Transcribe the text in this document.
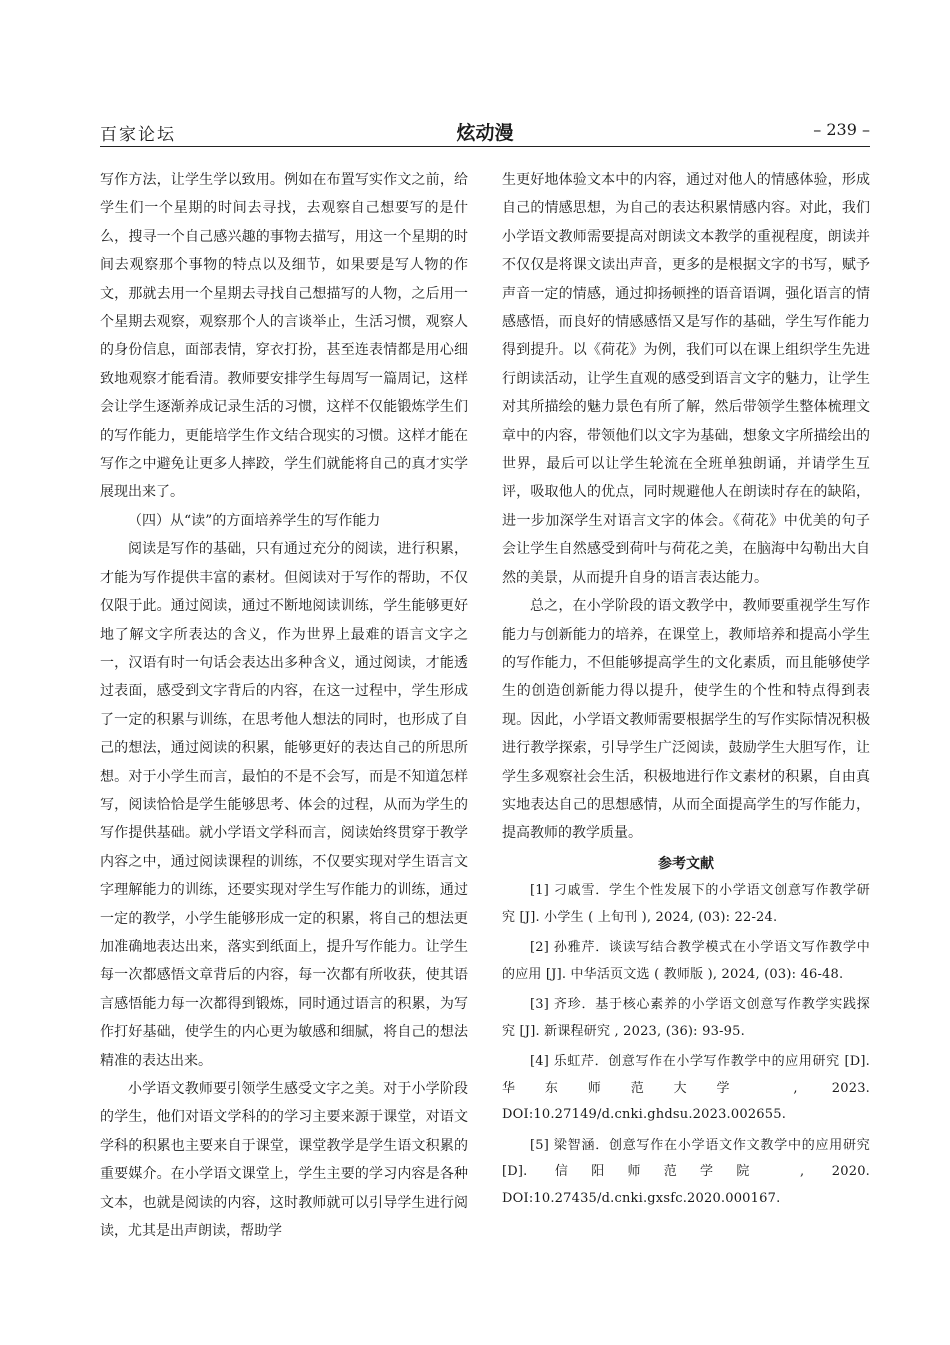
百家论坛	炫动漫	– 239 –

写作方法，让学生学以致用。例如在布置写实作文之前，给学生们一个星期的时间去寻找，去观察自己想要写的是什么，搜寻一个自己感兴趣的事物去描写，用这一个星期的时间去观察那个事物的特点以及细节，如果要是写人物的作文，那就去用一个星期去寻找自己想描写的人物，之后用一个星期去观察，观察那个人的言谈举止，生活习惯，观察人的身份信息，面部表情，穿衣打扮，甚至连表情都是用心细致地观察才能看清。教师要安排学生每周写一篇周记，这样会让学生逐渐养成记录生活的习惯，这样不仅能锻炼学生们的写作能力，更能培学生作文结合现实的习惯。这样才能在写作之中避免让更多人摔跤，学生们就能将自己的真才实学展现出来了。

（四）从“读”的方面培养学生的写作能力

阅读是写作的基础，只有通过充分的阅读，进行积累，才能为写作提供丰富的素材。但阅读对于写作的帮助，不仅仅限于此。通过阅读，通过不断地阅读训练，学生能够更好地了解文字所表达的含义，作为世界上最难的语言文字之一，汉语有时一句话会表达出多种含义，通过阅读，才能透过表面，感受到文字背后的内容，在这一过程中，学生形成了一定的积累与训练，在思考他人想法的同时，也形成了自己的想法，通过阅读的积累，能够更好的表达自己的所思所想。对于小学生而言，最怕的不是不会写，而是不知道怎样写，阅读恰恰是学生能够思考、体会的过程，从而为学生的写作提供基础。就小学语文学科而言，阅读始终贯穿于教学内容之中，通过阅读课程的训练，不仅要实现对学生语言文字理解能力的训练，还要实现对学生写作能力的训练，通过一定的教学，小学生能够形成一定的积累，将自己的想法更加准确地表达出来，落实到纸面上，提升写作能力。让学生每一次都感悟文章背后的内容，每一次都有所收获，使其语言感悟能力每一次都得到锻炼，同时通过语言的积累，为写作打好基础，使学生的内心更为敏感和细腻，将自己的想法精准的表达出来。

小学语文教师要引领学生感受文字之美。对于小学阶段的学生，他们对语文学科的的学习主要来源于课堂，对语文学科的积累也主要来自于课堂，课堂教学是学生语文积累的重要媒介。在小学语文课堂上，学生主要的学习内容是各种文本，也就是阅读的内容，这时教师就可以引导学生进行阅读，尤其是出声朗读，帮助学

生更好地体验文本中的内容，通过对他人的情感体验，形成自己的情感思想，为自己的表达积累情感内容。对此，我们小学语文教师需要提高对朗读文本教学的重视程度，朗读并不仅仅是将课文读出声音，更多的是根据文字的书写，赋予声音一定的情感，通过抑扬顿挫的语音语调，强化语言的情感感悟，而良好的情感感悟又是写作的基础，学生写作能力得到提升。以《荷花》为例，我们可以在课上组织学生先进行朗读活动，让学生直观的感受到语言文字的魅力，让学生对其所描绘的魅力景色有所了解，然后带领学生整体梳理文章中的内容，带领他们以文字为基础，想象文字所描绘出的世界，最后可以让学生轮流在全班单独朗诵，并请学生互评，吸取他人的优点，同时规避他人在朗读时存在的缺陷，进一步加深学生对语言文字的体会。《荷花》中优美的句子会让学生自然感受到荷叶与荷花之美，在脑海中勾勒出大自然的美景，从而提升自身的语言表达能力。

总之，在小学阶段的语文教学中，教师要重视学生写作能力与创新能力的培养，在课堂上，教师培养和提高小学生的写作能力，不但能够提高学生的文化素质，而且能够使学生的创造创新能力得以提升，使学生的个性和特点得到表现。因此，小学语文教师需要根据学生的写作实际情况积极进行教学探索，引导学生广泛阅读，鼓励学生大胆写作，让学生多观察社会生活，积极地进行作文素材的积累，自由真实地表达自己的思想感情，从而全面提高学生的写作能力，提高教师的教学质量。

参考文献

[1] 刁戚雪．学生个性发展下的小学语文创意写作教学研究 [J]. 小学生 ( 上旬刊 ), 2024, (03): 22-24.

[2] 孙雅芹．谈读写结合教学模式在小学语文写作教学中的应用 [J]. 中华活页文选 ( 教师版 ), 2024, (03): 46-48.

[3] 齐珍．基于核心素养的小学语文创意写作教学实践探究 [J]. 新课程研究 , 2023, (36): 93-95.

[4] 乐虹芹．创意写作在小学写作教学中的应用研究 [D]. 华东师范大学 , 2023. DOI:10.27149/d.cnki.ghdsu.2023.002655.

[5] 梁智涵．创意写作在小学语文作文教学中的应用研究 [D]. 信阳师范学院 , 2020. DOI:10.27435/d.cnki.gxsfc.2020.000167.
